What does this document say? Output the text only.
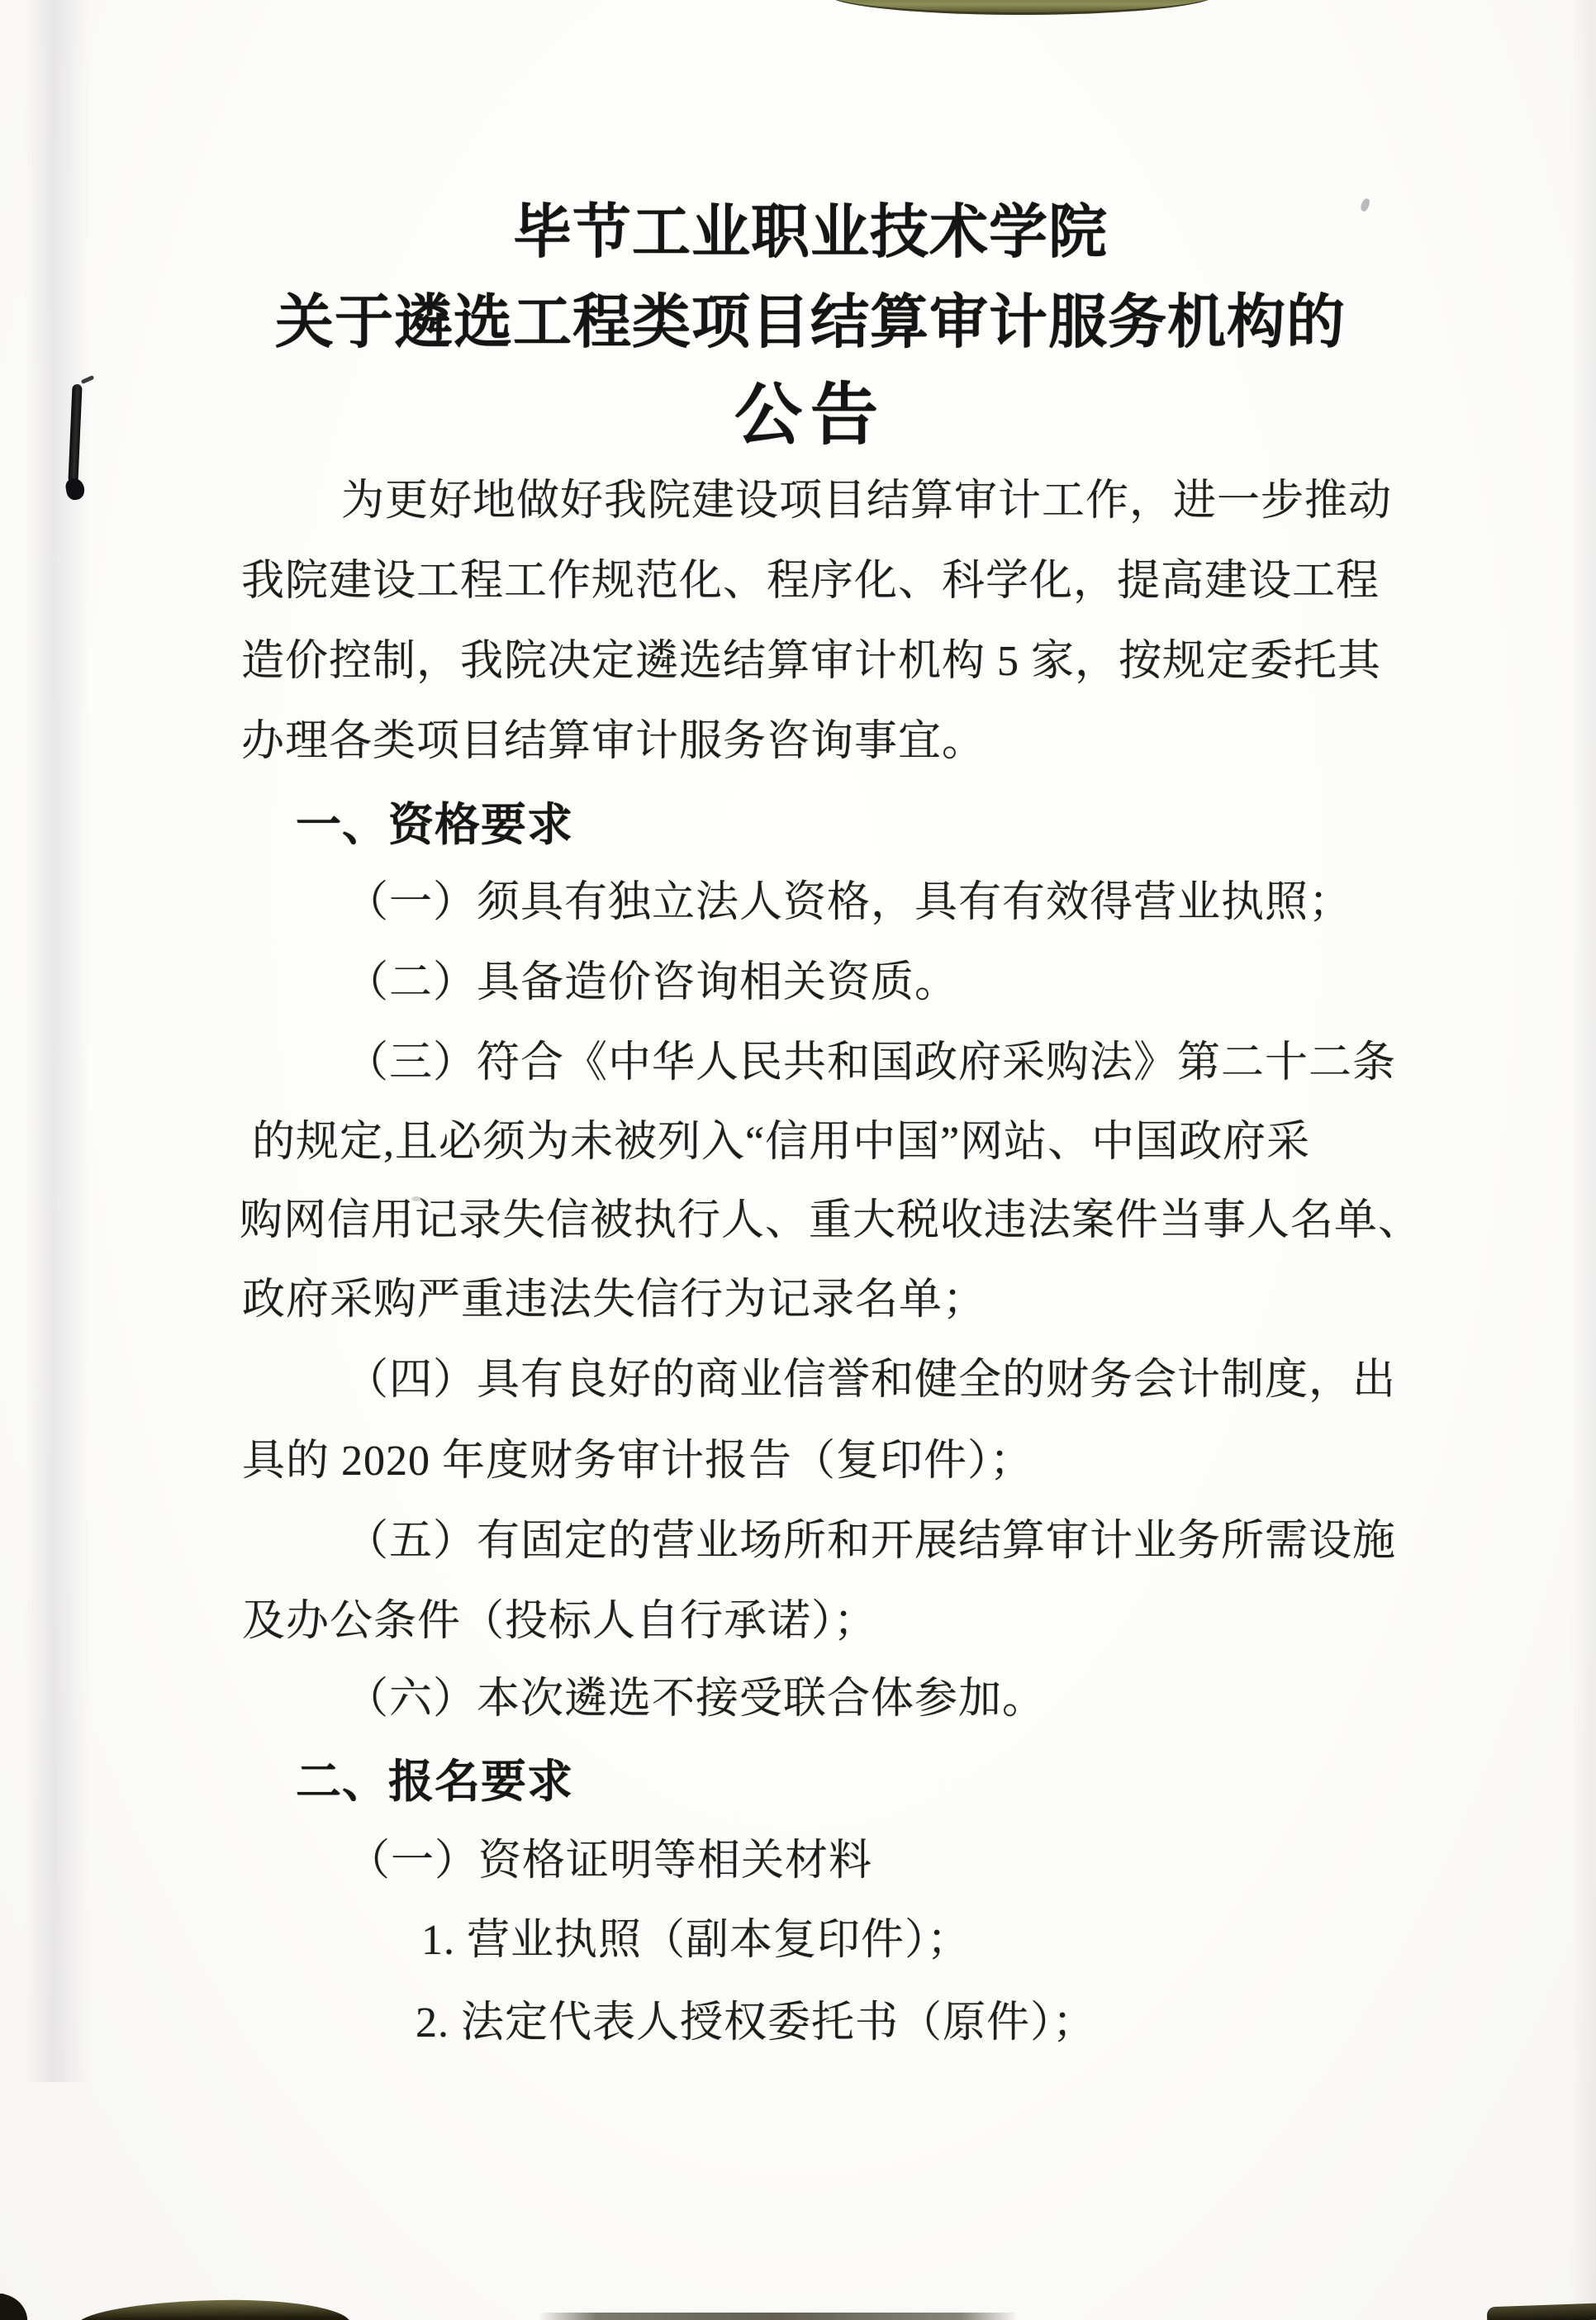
毕节工业职业技术学院
关于遴选工程类项目结算审计服务机构的
公告
为更好地做好我院建设项目结算审计工作，进一步推动
我院建设工程工作规范化、程序化、科学化，提高建设工程
造价控制，我院决定遴选结算审计机构 5 家，按规定委托其
办理各类项目结算审计服务咨询事宜。
一、资格要求
（一）须具有独立法人资格，具有有效得营业执照；
（二）具备造价咨询相关资质。
（三）符合《中华人民共和国政府采购法》第二十二条
的规定,且必须为未被列入“信用中国”网站、中国政府采
购网信用记录失信被执行人、重大税收违法案件当事人名单、
政府采购严重违法失信行为记录名单；
（四）具有良好的商业信誉和健全的财务会计制度，出
具的 2020 年度财务审计报告（复印件）；
（五）有固定的营业场所和开展结算审计业务所需设施
及办公条件（投标人自行承诺）；
（六）本次遴选不接受联合体参加。
二、报名要求
（一）资格证明等相关材料
1. 营业执照（副本复印件）；
2. 法定代表人授权委托书（原件）；
